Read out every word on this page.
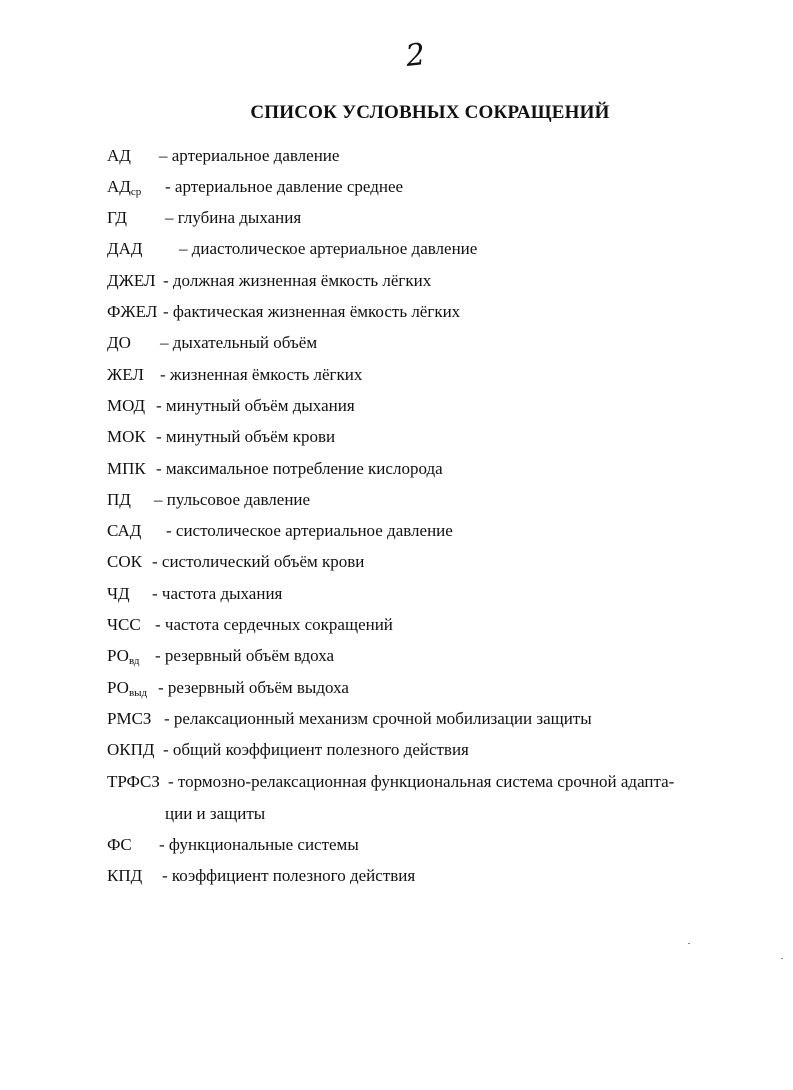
2
СПИСОК УСЛОВНЫХ СОКРАЩЕНИЙ
АД – артериальное давление
$АД_{ср}$ - артериальное давление среднее
ГД – глубина дыхания
ДАД – диастолическое артериальное давление
ДЖЕЛ - должная жизненная ёмкость лёгких
ФЖЕЛ - фактическая жизненная ёмкость лёгких
ДО – дыхательный объём
ЖЕЛ - жизненная ёмкость лёгких
МОД - минутный объём дыхания
МОК - минутный объём крови
МПК - максимальное потребление кислорода
ПД – пульсовое давление
САД - систолическое артериальное давление
СОК - систолический объём крови
ЧД - частота дыхания
ЧСС - частота сердечных сокращений
$РО_{вд}$ - резервный объём вдоха
$РО_{выд}$ - резервный объём выдоха
РМСЗ - релаксационный механизм срочной мобилизации защиты
ОКПД - общий коэффициент полезного действия
ТРФСЗ - тормозно-релаксационная функциональная система срочной адапта-
ции и защиты
ФС - функциональные системы
КПД - коэффициент полезного действия
